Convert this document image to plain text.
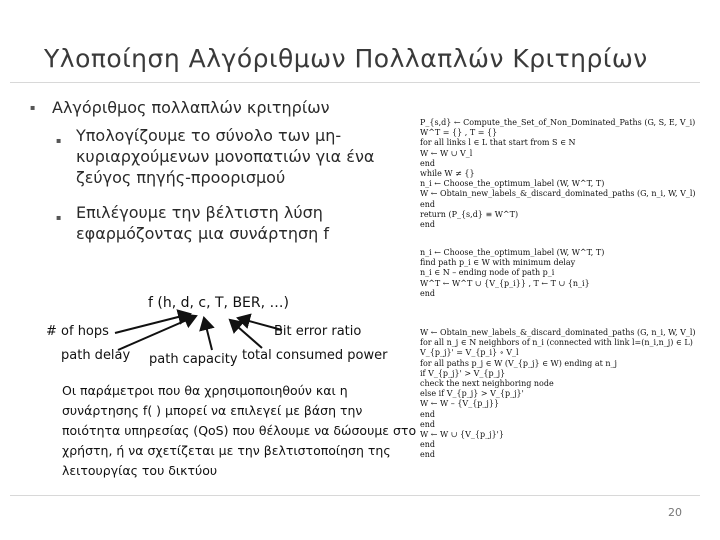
Υλοποίηση Αλγόριθμων Πολλαπλών Κριτηρίων
▪	Αλγόριθμος πολλαπλών κριτηρίων
▪ Υπολογίζουμε το σύνολο των μη-κυριαρχούμενων μονοπατιών για ένα ζεύγος πηγής-προορισμού
▪ Επιλέγουμε την βέλτιστη λύση εφαρμόζοντας μια συνάρτηση f
f (h, d, c, T, BER, …)
# of hops
path delay path capacity
Bit error ratio
total consumed power
Οι παράμετροι που θα χρησιμοποιηθούν και η συνάρτησης f( ) μπορεί να επιλεγεί με βάση την ποιότητα υπηρεσίας (QoS) που θέλουμε να δώσουμε στο χρήστη, ή να σχετίζεται με την βελτιστοποίηση της λειτουργίας του δικτύου
P_{s,d} ← Compute_the_Set_of_Non_Dominated_Paths (G, S, E, V_i)
W^T = {} , T = {}
for all links l ∈ L that start from S ∈ N
W ← W ∪ V_l
end
while W ≠ {}
n_i ← Choose_the_optimum_label (W, W^T, T)
W ← Obtain_new_labels_&_discard_dominated_paths (G, n_i, W, V_l)
end
return (P_{s,d} ≡ W^T)
end
n_i ← Choose_the_optimum_label (W, W^T, T)
find path p_i ∈ W with minimum delay
n_i ∈ N – ending node of path p_i
W^T ← W^T ∪ {V_{p_i}} , T ← T ∪ {n_i}
end
W ← Obtain_new_labels_&_discard_dominated_paths (G, n_i, W, V_l)
for all n_j ∈ N neighbors of n_i (connected with link l=(n_i,n_j) ∈ L)
V_{p_j}' = V_{p_i} ∘ V_l
for all paths p_j ∈ W (V_{p_j} ∈ W) ending at n_j
if V_{p_j}' > V_{p_j}
check the next neighboring node
else if V_{p_j} > V_{p_j}'
W ← W – {V_{p_j}}
end
end
W ← W ∪ {V_{p_j}'}
end
end
20
